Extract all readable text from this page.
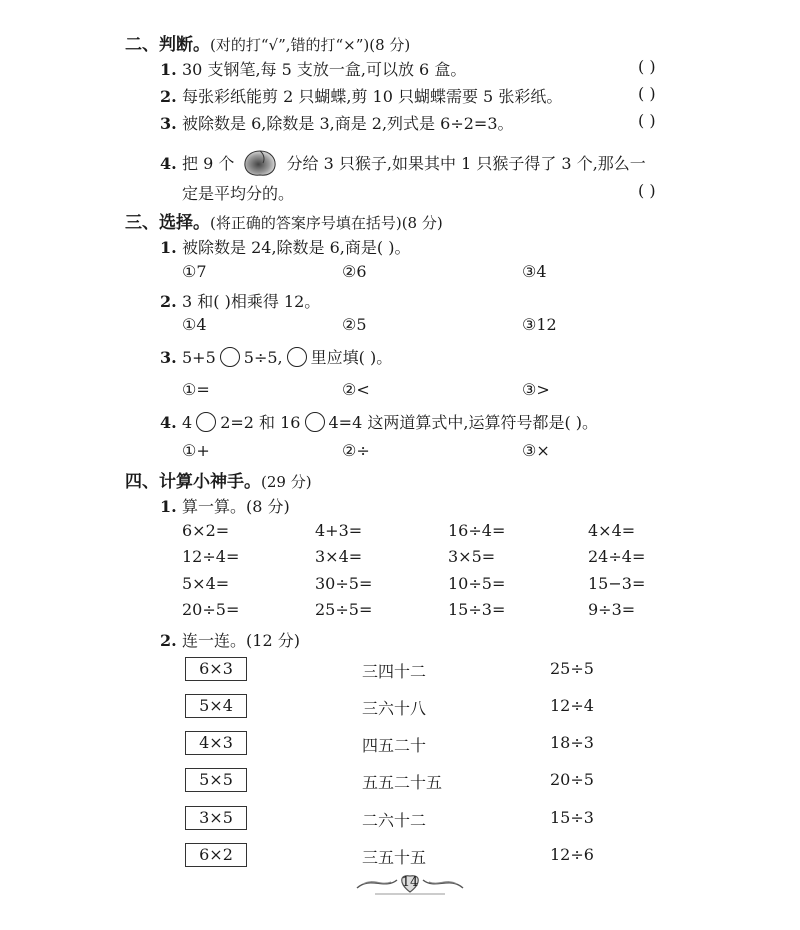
二、判断。(对的打“√”,错的打“×”)(8 分)
1. 30 支钢笔,每 5 支放一盒,可以放 6 盒。	( )
2. 每张彩纸能剪 2 只蝴蝶,剪 10 只蝴蝶需要 5 张彩纸。	( )
3. 被除数是 6,除数是 3,商是 2,列式是 6÷2=3。	( )
4. 把 9 个	分给 3 只猴子,如果其中 1 只猴子得了 3 个,那么一
定是平均分的。	( )
三、选择。(将正确的答案序号填在括号)(8 分)
1. 被除数是 24,除数是 6,商是( )。
①7	②6	③4
2. 3 和( )相乘得 12。
①4	②5	③12
3. 5+5 5÷5, 里应填( )。
①=	②<	③>
4. 4 2=2 和 16 4=4 这两道算式中,运算符号都是( )。
①+	②÷	③×
四、计算小神手。(29 分)
1. 算一算。(8 分)
6×2=	4+3=	16÷4=	4×4=
12÷4=	3×4=	3×5=	24÷4=
5×4=	30÷5=	10÷5=	15−3=
20÷5=	25÷5=	15÷3=	9÷3=
2. 连一连。(12 分)
6×3	三四十二	25÷5
5×4	三六十八	12÷4
4×3	四五二十	18÷3
5×5	五五二十五	20÷5
3×5	二六十二	15÷3
6×2	三五十五	12÷6
14
